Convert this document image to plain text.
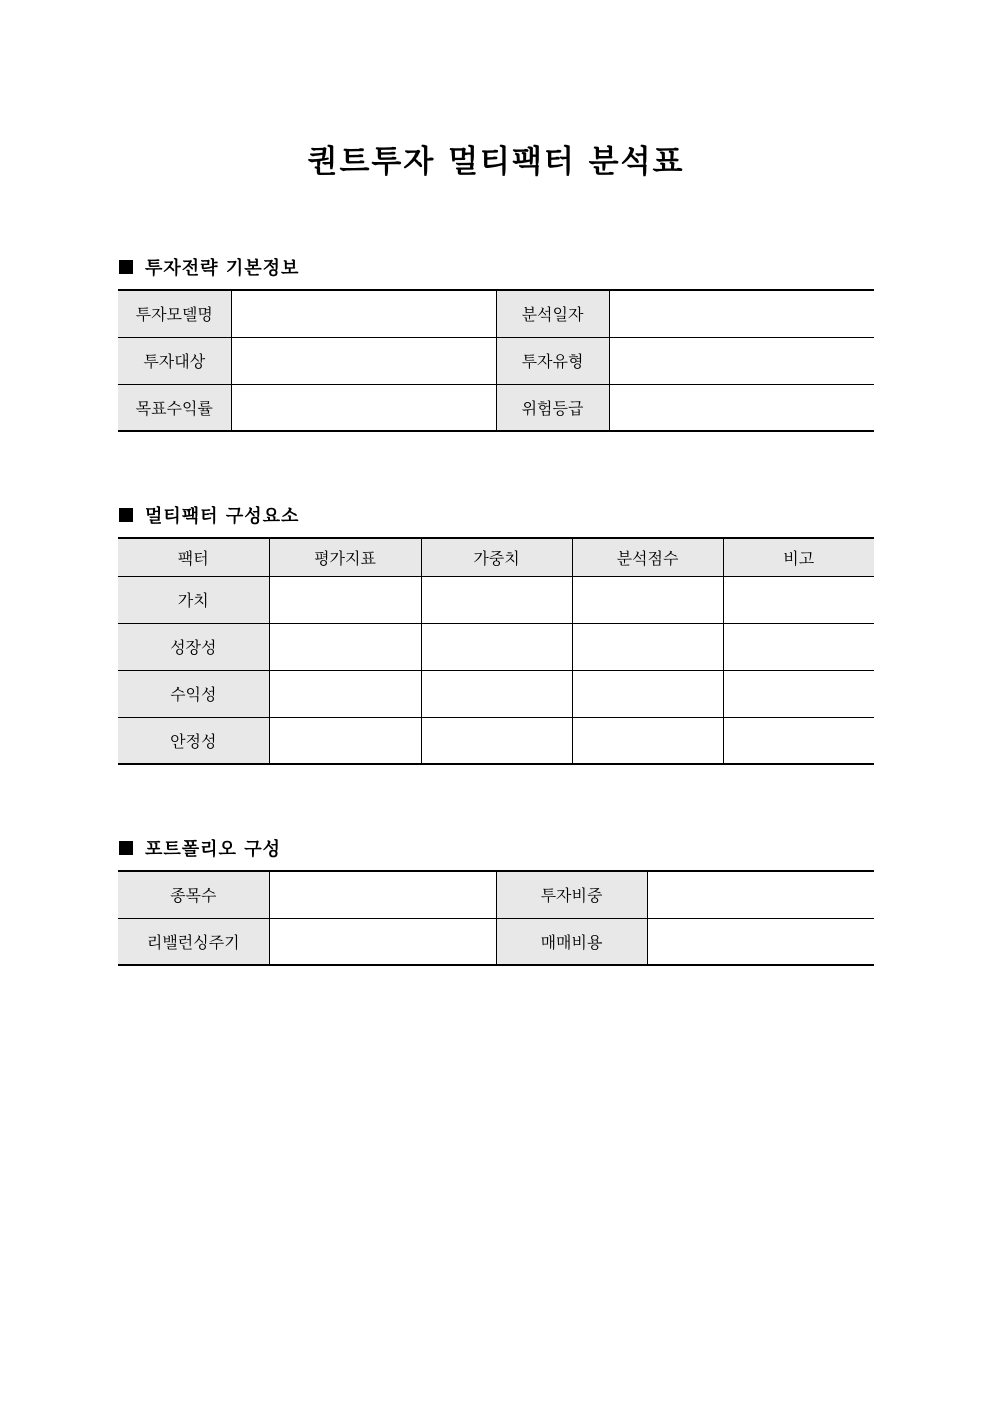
퀀트투자 멀티팩터 분석표
투자전략 기본정보
투자모델명		분석일자	
투자대상		투자유형	
목표수익률		위험등급	
멀티팩터 구성요소
팩터	평가지표	가중치	분석점수	비고
가치				
성장성				
수익성				
안정성				
포트폴리오 구성
종목수		투자비중	
리밸런싱주기		매매비용	
